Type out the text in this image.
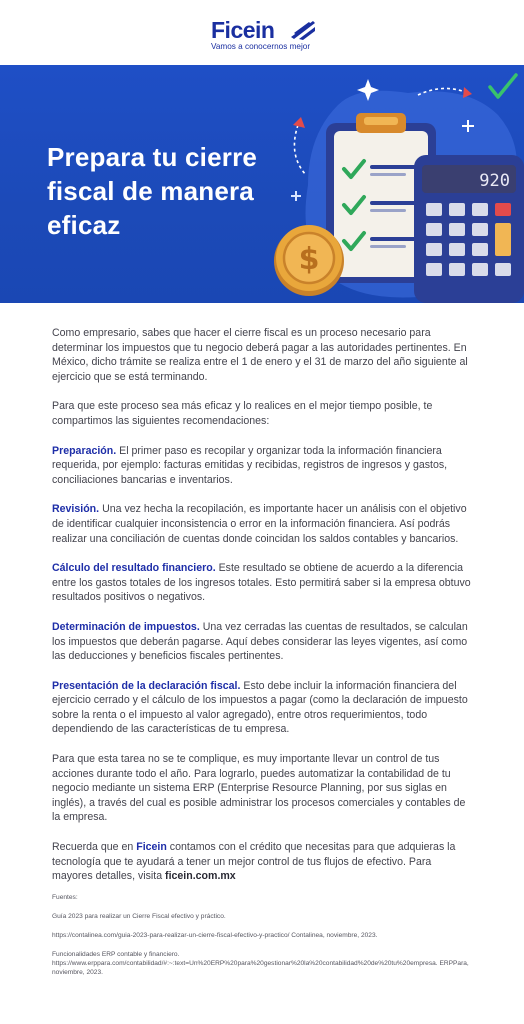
Ficein
Vamos a conocernos mejor
Prepara tu cierre fiscal de manera eficaz
920
$

Como empresario, sabes que hacer el cierre fiscal es un proceso necesario para determinar los impuestos que tu negocio deberá pagar a las autoridades pertinentes. En México, dicho trámite se realiza entre el 1 de enero y el 31 de marzo del año siguiente al ejercicio que se está terminando.

Para que este proceso sea más eficaz y lo realices en el mejor tiempo posible, te compartimos las siguientes recomendaciones:

Preparación. El primer paso es recopilar y organizar toda la información financiera requerida, por ejemplo: facturas emitidas y recibidas, registros de ingresos y gastos, conciliaciones bancarias e inventarios.

Revisión. Una vez hecha la recopilación, es importante hacer un análisis con el objetivo de identificar cualquier inconsistencia o error en la información financiera. Así podrás realizar una conciliación de cuentas donde coincidan los saldos contables y bancarios.

Cálculo del resultado financiero. Este resultado se obtiene de acuerdo a la diferencia entre los gastos totales de los ingresos totales. Esto permitirá saber si la empresa obtuvo resultados positivos o negativos.

Determinación de impuestos. Una vez cerradas las cuentas de resultados, se calculan los impuestos que deberán pagarse. Aquí debes considerar las leyes vigentes, así como las deducciones y beneficios fiscales pertinentes.

Presentación de la declaración fiscal. Esto debe incluir la información financiera del ejercicio cerrado y el cálculo de los impuestos a pagar (como la declaración de impuesto sobre la renta o el impuesto al valor agregado), entre otros requerimientos, todo dependiendo de las características de tu empresa.

Para que esta tarea no se te complique, es muy importante llevar un control de tus acciones durante todo el año. Para lograrlo, puedes automatizar la contabilidad de tu negocio mediante un sistema ERP (Enterprise Resource Planning, por sus siglas en inglés), a través del cual es posible administrar los procesos comerciales y contables de la empresa.

Recuerda que en Ficein contamos con el crédito que necesitas para que adquieras la tecnología que te ayudará a tener un mejor control de tus flujos de efectivo. Para mayores detalles, visita ficein.com.mx

Fuentes:

Guía 2023 para realizar un Cierre Fiscal efectivo y práctico.

https://contalinea.com/guia-2023-para-realizar-un-cierre-fiscal-efectivo-y-practico/ Contalinea, noviembre, 2023.

Funcionalidades ERP contable y financiero. https://www.erppara.com/contabilidad/#:~:text=Un%20ERP%20para%20gestionar%20la%20contabilidad%20de%20tu%20empresa. ERPPara, noviembre, 2023.
